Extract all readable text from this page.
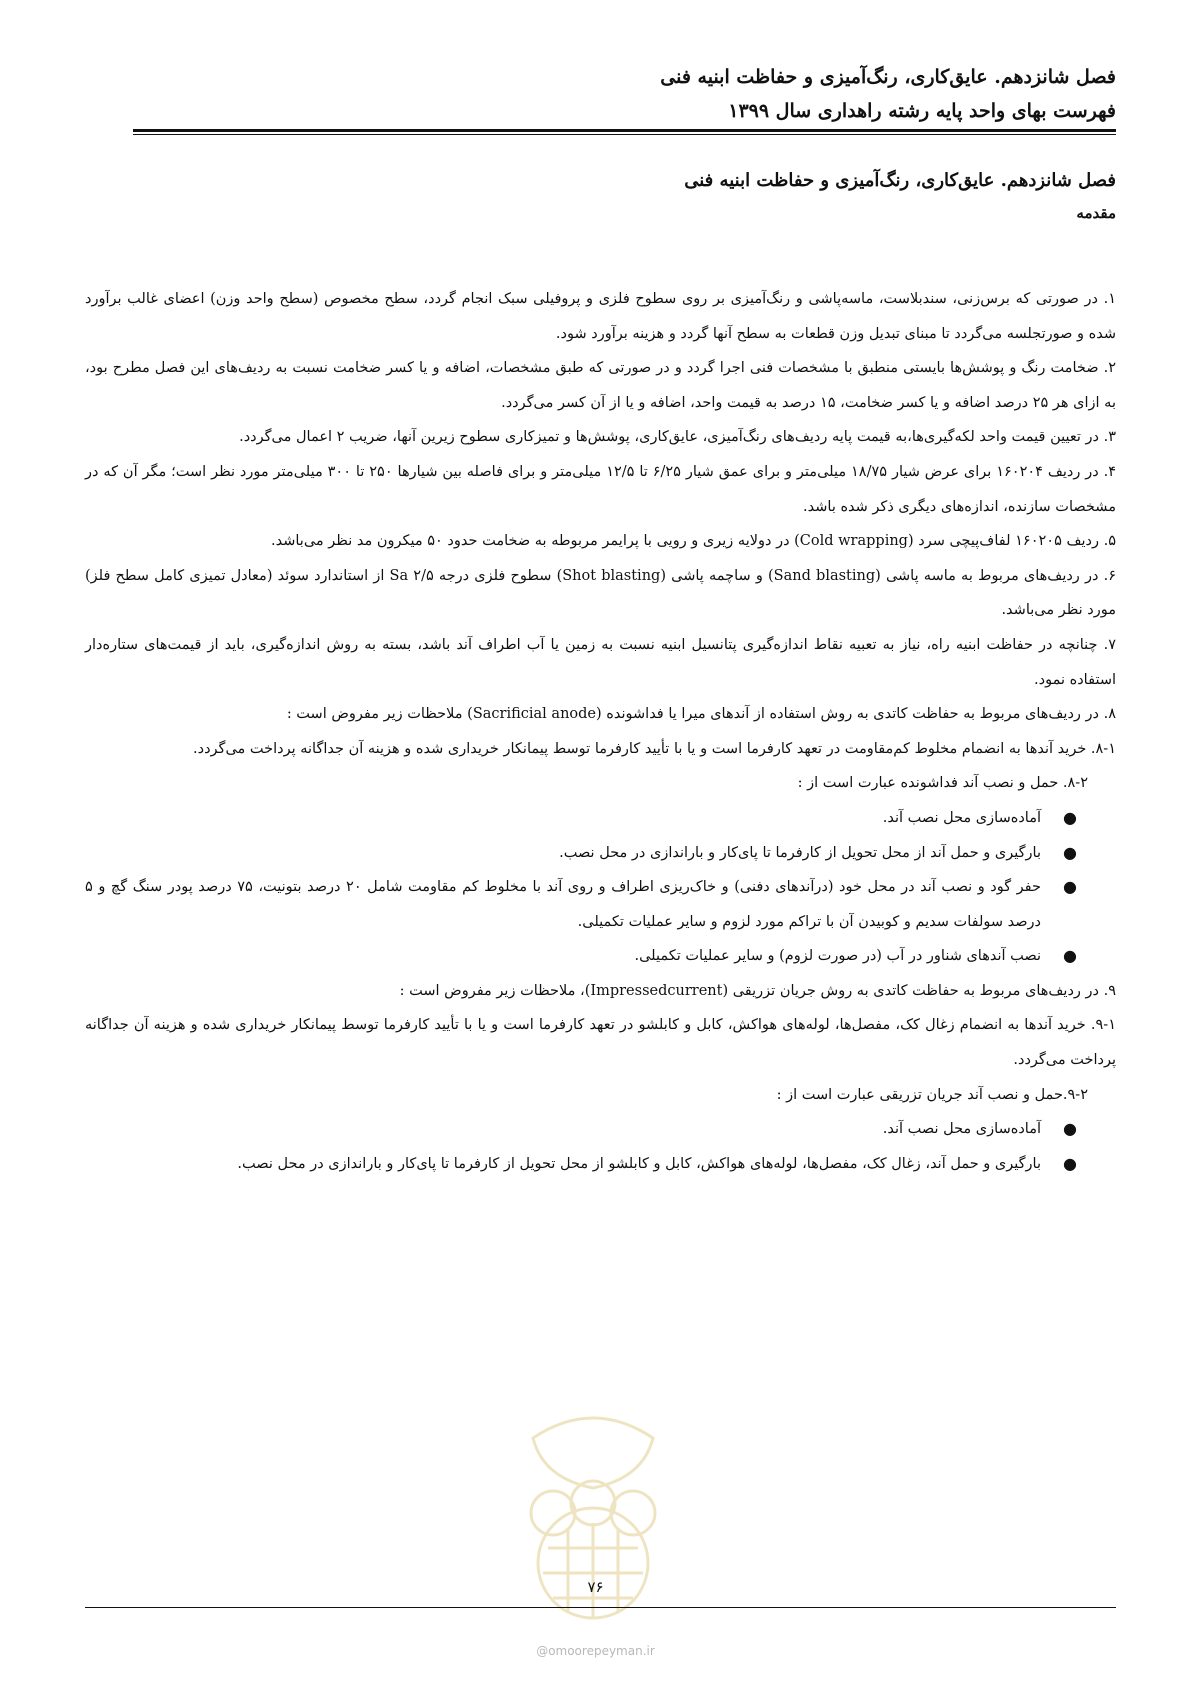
فصل شانزدهم. عایق‌کاری، رنگ‌آمیزی و حفاظت ابنیه فنی
فهرست بهای واحد پایه رشته راهداری سال ۱۳۹۹
فصل شانزدهم. عایق‌کاری، رنگ‌آمیزی و حفاظت ابنیه فنی
مقدمه

۱. در صورتی که برس‌زنی، سندبلاست، ماسه‌پاشی و رنگ‌آمیزی بر روی سطوح فلزی و پروفیلی سبک انجام گردد، سطح مخصوص (سطح واحد وزن) اعضای غالب برآورد شده و صورتجلسه می‌گردد تا مبنای تبدیل وزن قطعات به سطح آنها گردد و هزینه برآورد شود.

۲. ضخامت رنگ و پوشش‌ها بایستی منطبق با مشخصات فنی اجرا گردد و در صورتی که طبق مشخصات، اضافه و یا کسر ضخامت نسبت به ردیف‌های این فصل مطرح بود، به ازای هر ۲۵ درصد اضافه و یا کسر ضخامت، ۱۵ درصد به قیمت واحد، اضافه و یا از آن کسر می‌گردد.

۳. در تعیین قیمت واحد لکه‌گیری‌ها،به قیمت پایه ردیف‌های رنگ‌آمیزی، عایق‌کاری، پوشش‌ها و تمیزکاری سطوح زیرین آنها، ضریب ۲ اعمال می‌گردد.

۴. در ردیف ۱۶۰۲۰۴ برای عرض شیار ۱۸/۷۵ میلی‌متر و برای عمق شیار ۶/۲۵ تا ۱۲/۵ میلی‌متر و برای فاصله بین شیارها ۲۵۰ تا ۳۰۰ میلی‌متر مورد نظر است؛ مگر آن که در مشخصات سازنده، اندازه‌های دیگری ذکر شده باشد.

۵. ردیف ۱۶۰۲۰۵ لفاف‌پیچی سرد (Cold wrapping) در دولایه زیری و رویی با پرایمر مربوطه به ضخامت حدود ۵۰ میکرون مد نظر می‌باشد.

۶. در ردیف‌های مربوط به ماسه پاشی (Sand blasting) و ساچمه پاشی (Shot blasting) سطوح فلزی درجه Sa ۲/۵ از استاندارد سوئد (معادل تمیزی کامل سطح فلز) مورد نظر می‌باشد.

۷. چنانچه در حفاظت ابنیه راه، نیاز به تعبیه نقاط اندازه‌گیری پتانسیل ابنیه نسبت به زمین یا آب اطراف آند باشد، بسته به روش اندازه‌گیری، باید از قیمت‌های ستاره‌دار استفاده نمود.

۸. در ردیف‌های مربوط به حفاظت کاتدی به روش استفاده از آندهای میرا یا فداشونده (Sacrificial anode) ملاحظات زیر مفروض است :

۸-۱. خرید آندها به انضمام مخلوط کم‌مقاومت در تعهد کارفرما است و یا با تأیید کارفرما توسط پیمانکار خریداری شده و هزینه آن جداگانه پرداخت می‌گردد.

۸-۲. حمل و نصب آند فداشونده عبارت است از :

●
آماده‌سازی محل نصب آند.
●
بارگیری و حمل آند از محل تحویل از کارفرما تا پای‌کار و باراندازی در محل نصب.
●
حفر گود و نصب آند در محل خود (درآندهای دفنی) و خاک‌ریزی اطراف و روی آند با مخلوط کم مقاومت شامل ۲۰ درصد بتونیت، ۷۵ درصد پودر سنگ گچ و ۵ درصد سولفات سدیم و کوبیدن آن با تراکم مورد لزوم و سایر عملیات تکمیلی.
●
نصب آندهای شناور در آب (در صورت لزوم) و سایر عملیات تکمیلی.

۹. در ردیف‌های مربوط به حفاظت کاتدی به روش جریان تزریقی (Impressedcurrent)، ملاحظات زیر مفروض است :

۹-۱. خرید آندها به انضمام زغال کک، مفصل‌ها، لوله‌های هواکش، کابل و کابلشو در تعهد کارفرما است و یا با تأیید کارفرما توسط پیمانکار خریداری شده و هزینه آن جداگانه پرداخت می‌گردد.

۹-۲.حمل و نصب آند جریان تزریقی عبارت است از :

●
آماده‌سازی محل نصب آند.
●
بارگیری و حمل آند، زغال کک، مفصل‌ها، لوله‌های هواکش، کابل و کابلشو از محل تحویل از کارفرما تا پای‌کار و باراندازی در محل نصب.
۷۶
@omoorepeyman.ir
